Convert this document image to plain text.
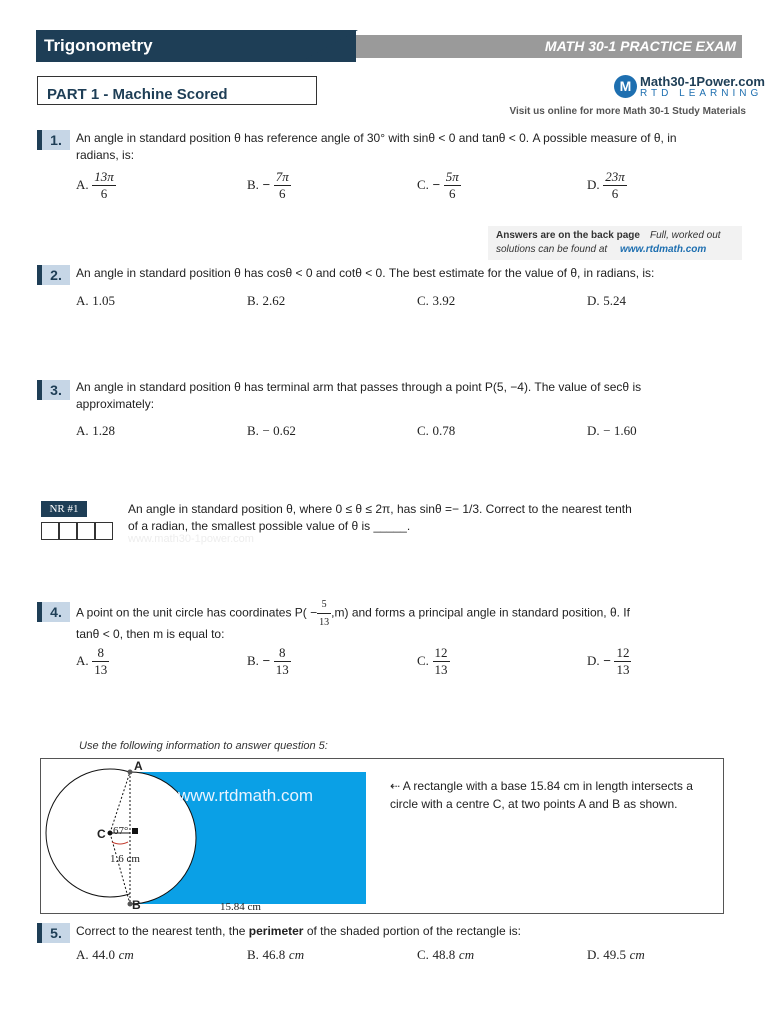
Trigonometry	MATH 30-1 PRACTICE EXAM
PART 1 - Machine Scored	M Math30-1Power.com
RTD LEARNING
Visit us online for more Math 30-1 Study Materials
1.	An angle in standard position θ has reference angle of 30° with sinθ < 0 and tanθ < 0. A possible measure of θ, in
radians, is:
A. $\frac{13\pi}{6}$	B. − $\frac{7\pi}{6}$	C. − $\frac{5\pi}{6}$	D. $\frac{23\pi}{6}$
Answers are on the back page Full, worked out
solutions can be found at www.rtdmath.com
2.	An angle in standard position θ has cosθ < 0 and cotθ < 0. The best estimate for the value of θ, in radians, is:
A. 1.05	B. 2.62	C. 3.92	D. 5.24
3.	An angle in standard position θ has terminal arm that passes through a point P(5, −4). The value of secθ is
approximately:
A. 1.28	B. − 0.62	C. 0.78	D. − 1.60
NR #1	An angle in standard position θ, where 0 ≤ θ ≤ 2π, has sinθ =− 1/3. Correct to the nearest tenth
of a radian, the smallest possible value of θ is _____.
www.math30-1power.com
4.	A point on the unit circle has coordinates $P( - \frac{5}{13} ,m)$ and forms a principal angle in standard position, θ. If
tanθ < 0, then m is equal to:
A. $\frac{8}{13}$	B. − $\frac{8}{13}$	C. $\frac{12}{13}$	D. − $\frac{12}{13}$
Use the following information to answer question 5:
A
B
C 67°
1.6 cm
15.84 cm
www.rtdmath.com	⇠ A rectangle with a base 15.84 cm in length intersects a
circle with a centre C, at two points A and B as shown.
5.	Correct to the nearest tenth, the perimeter of the shaded portion of the rectangle is:
A. 44.0 cm	B. 46.8 cm	C. 48.8 cm	D. 49.5 cm
